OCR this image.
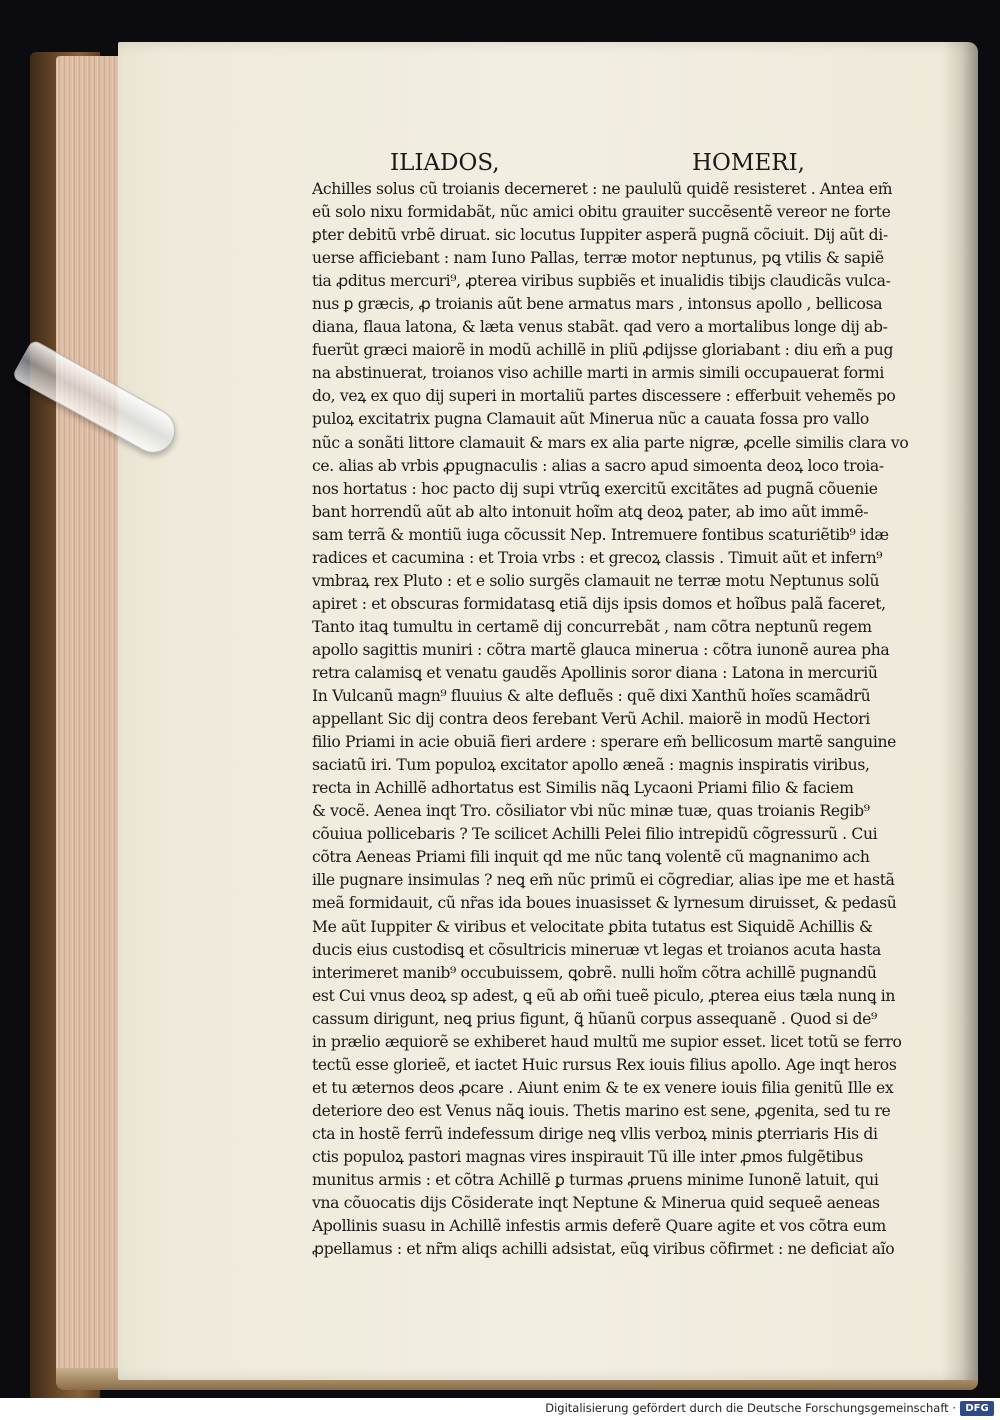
ILIADOS,	HOMERI,
Achilles solus cũ troianis decerneret : ne paululũ quidẽ resisteret . Antea em̃
eũ solo nixu formidabãt, nũc amici obitu grauiter succẽsentẽ vereor ne forte
ꝑter debitũ vrbẽ diruat. sic locutus Iuppiter asperã pugnã cõciuit. Dij aũt di-
uerse afficiebant : nam Iuno Pallas, terræ motor neptunus, pꝗ vtilis & sapiẽ
tia ꝓditus mercuri⁹, ꝓterea viribus supbiẽs et inualidis tibijs claudicãs vulca-
nus ꝑ græcis, ꝓ troianis aũt bene armatus mars , intonsus apollo , bellicosa
diana, flaua latona, & læta venus stabãt. qad vero a mortalibus longe dij ab-
fuerũt græci maiorẽ in modũ achillẽ in pliũ ꝓdijsse gloriabant : diu em̃ a pug
na abstinuerat, troianos viso achille marti in armis simili occupauerat formi
do, veꝝ ex quo dij superi in mortaliũ partes discessere : efferbuit vehemẽs po
puloꝝ excitatrix pugna Clamauit aũt Minerua nũc a cauata fossa pro vallo
nũc a sonãti littore clamauit & mars ex alia parte nigræ, ꝓcelle similis clara vo
ce. alias ab vrbis ꝓpugnaculis : alias a sacro apud simoenta deoꝝ loco troia-
nos hortatus : hoc pacto dij supi vtrũꝗ exercitũ excitãtes ad pugnã cõuenie
bant horrendũ aũt ab alto intonuit hoĩm atꝗ deoꝝ pater, ab imo aũt immẽ-
sam terrã & montiũ iuga cõcussit Nep. Intremuere fontibus scaturiẽtib⁹ idæ
radices et cacumina : et Troia vrbs : et grecoꝝ classis . Timuit aũt et infern⁹
vmbraꝝ rex Pluto : et e solio surgẽs clamauit ne terræ motu Neptunus solũ
apiret : et obscuras formidatasꝗ etiã dijs ipsis domos et hoĩbus palã faceret,
Tanto itaꝗ tumultu in certamẽ dij concurrebãt , nam cõtra neptunũ regem
apollo sagittis muniri : cõtra martẽ glauca minerua : cõtra iunonẽ aurea pha
retra calamisꝗ et venatu gaudẽs Apollinis soror diana : Latona in mercuriũ
In Vulcanũ magn⁹ fluuius & alte defluẽs : quẽ dixi Xanthũ hoĩes scamãdrũ
appellant Sic dij contra deos ferebant Verũ Achil. maiorẽ in modũ Hectori
filio Priami in acie obuiã fieri ardere : sperare em̃ bellicosum martẽ sanguine
saciatũ iri. Tum populoꝝ excitator apollo æneã : magnis inspiratis viribus,
recta in Achillẽ adhortatus est Similis nãꝗ Lycaoni Priami filio & faciem
& vocẽ. Aenea inqt Tro. cõsiliator vbi nũc minæ tuæ, quas troianis Regib⁹
cõuiua pollicebaris ? Te scilicet Achilli Pelei filio intrepidũ cõgressurũ . Cui
cõtra Aeneas Priami fili inquit qd me nũc tanꝗ volentẽ cũ magnanimo ach
ille pugnare insimulas ? neꝗ em̃ nũc primũ ei cõgrediar, alias ipe me et hastã
meã formidauit, cũ nr̃as ida boues inuasisset & lyrnesum diruisset, & pedasũ
Me aũt Iuppiter & viribus et velocitate ꝑbita tutatus est Siquidẽ Achillis &
ducis eius custodisꝗ et cõsultricis mineruæ vt legas et troianos acuta hasta
interimeret manib⁹ occubuissem, ꝗobrẽ. nulli hoĩm cõtra achillẽ pugnandũ
est Cui vnus deoꝝ sp adest, ꝗ eũ ab om̃i tueẽ piculo, ꝓterea eius tæla nunꝗ in
cassum dirigunt, neꝗ prius figunt, ꝗ̃ hũanũ corpus assequanẽ . Quod si de⁹
in prælio æquiorẽ se exhiberet haud multũ me supior esset. licet totũ se ferro
tectũ esse glorieẽ, et iactet Huic rursus Rex iouis filius apollo. Age inqt heros
et tu æternos deos ꝓcare . Aiunt enim & te ex venere iouis filia genitũ Ille ex
deteriore deo est Venus nãꝗ iouis. Thetis marino est sene, ꝓgenita, sed tu re
cta in hostẽ ferrũ indefessum dirige neꝗ vllis verboꝝ minis ꝑterriaris His di
ctis populoꝝ pastori magnas vires inspirauit Tũ ille inter ꝓmos fulgẽtibus
munitus armis : et cõtra Achillẽ ꝑ turmas ꝓruens minime Iunonẽ latuit, qui
vna cõuocatis dijs Cõsiderate inqt Neptune & Minerua quid sequeẽ aeneas
Apollinis suasu in Achillẽ infestis armis deferẽ Quare agite et vos cõtra eum
ꝓpellamus : et nr̃m aliqs achilli adsistat, eũꝗ viribus cõfirmet : ne deficiat aĩo
Digitalisierung gefördert durch die Deutsche Forschungsgemeinschaft · DFG
